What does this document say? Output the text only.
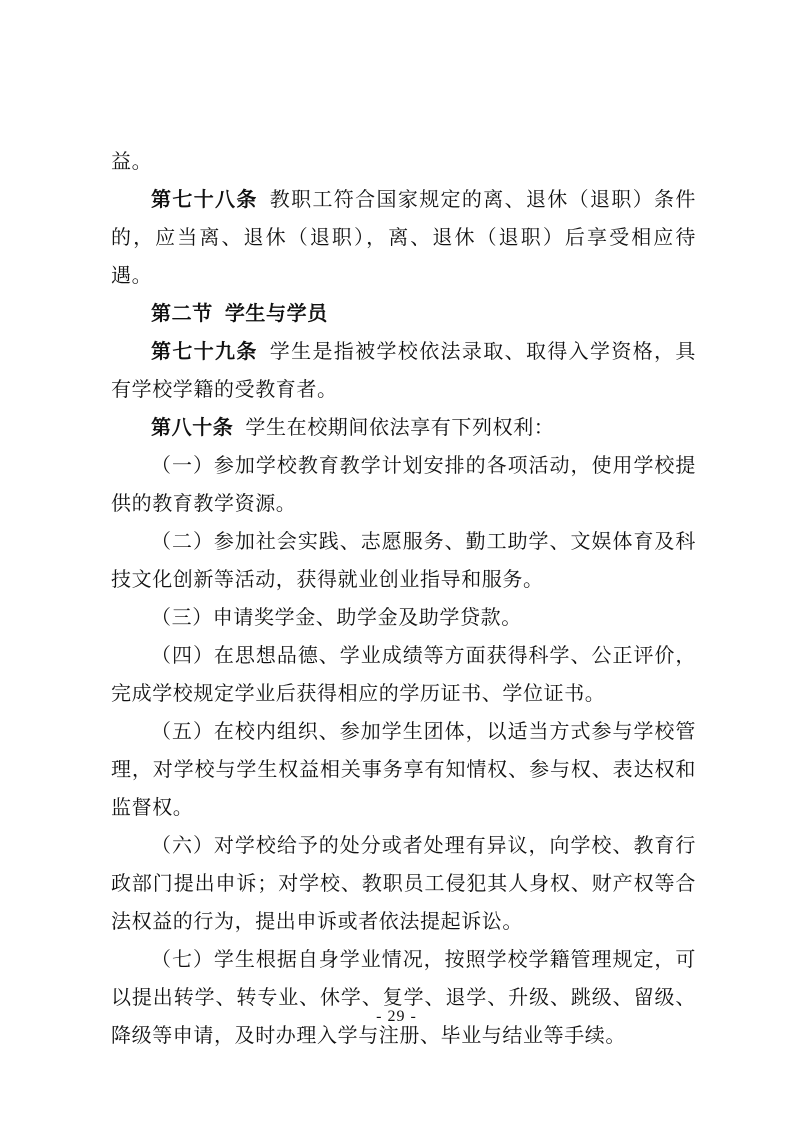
益。

第七十八条 教职工符合国家规定的离、退休（退职）条件的，应当离、退休（退职），离、退休（退职）后享受相应待遇。

第二节 学生与学员

第七十九条 学生是指被学校依法录取、取得入学资格，具有学校学籍的受教育者。

第八十条 学生在校期间依法享有下列权利：

（一）参加学校教育教学计划安排的各项活动，使用学校提供的教育教学资源。

（二）参加社会实践、志愿服务、勤工助学、文娱体育及科技文化创新等活动，获得就业创业指导和服务。

（三）申请奖学金、助学金及助学贷款。

（四）在思想品德、学业成绩等方面获得科学、公正评价，完成学校规定学业后获得相应的学历证书、学位证书。

（五）在校内组织、参加学生团体，以适当方式参与学校管理，对学校与学生权益相关事务享有知情权、参与权、表达权和监督权。

（六）对学校给予的处分或者处理有异议，向学校、教育行政部门提出申诉；对学校、教职员工侵犯其人身权、财产权等合法权益的行为，提出申诉或者依法提起诉讼。

（七）学生根据自身学业情况，按照学校学籍管理规定，可以提出转学、转专业、休学、复学、退学、升级、跳级、留级、降级等申请，及时办理入学与注册、毕业与结业等手续。

- 29 -
